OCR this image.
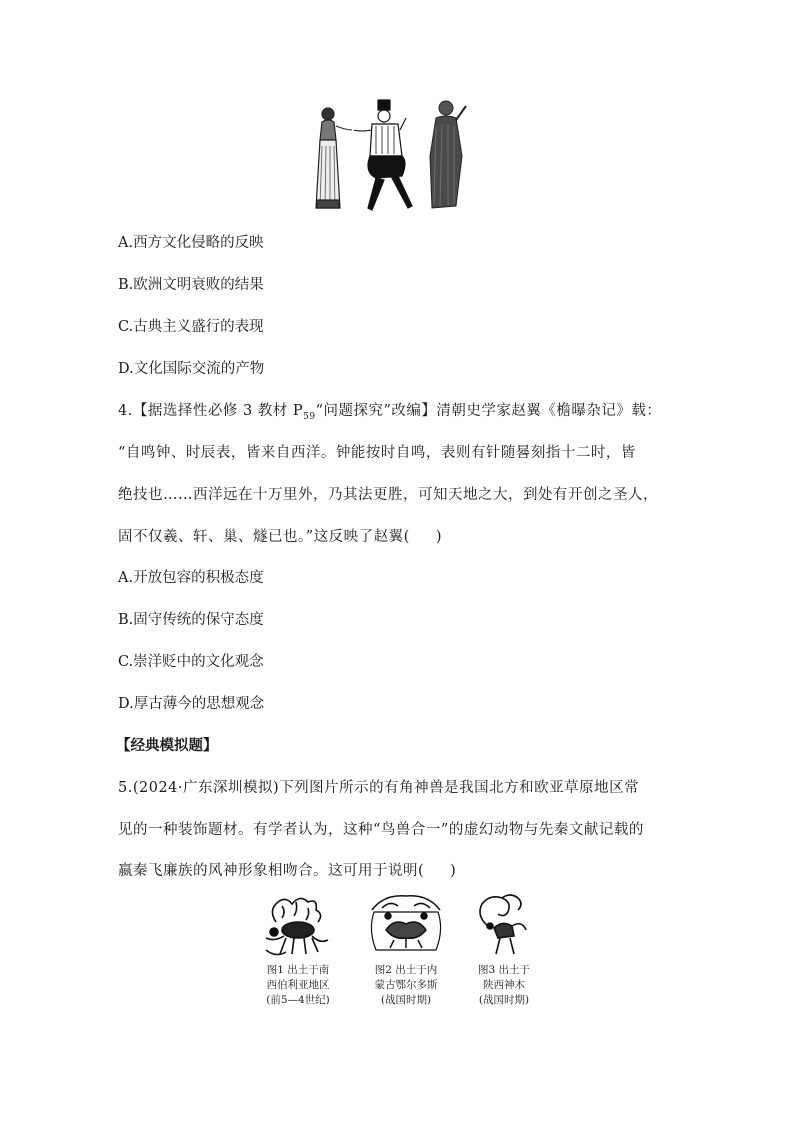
A.西方文化侵略的反映
B.欧洲文明衰败的结果
C.古典主义盛行的表现
D.文化国际交流的产物
4.【据选择性必修 3 教材 $P_{59}“$问题探究”改编】清朝史学家赵翼《檐曝杂记》载：
“自鸣钟、时辰表，皆来自西洋。钟能按时自鸣，表则有针随晷刻指十二时，皆
绝技也……西洋远在十万里外，乃其法更胜，可知天地之大，到处有开创之圣人，
固不仅羲、轩、巢、燧已也。”这反映了赵翼( )
A.开放包容的积极态度
B.固守传统的保守态度
C.崇洋贬中的文化观念
D.厚古薄今的思想观念
【经典模拟题】
5.(2024·广东深圳模拟)下列图片所示的有角神兽是我国北方和欧亚草原地区常
见的一种装饰题材。有学者认为，这种“鸟兽合一”的虚幻动物与先秦文献记载的
嬴秦飞廉族的风神形象相吻合。这可用于说明( )
图1 出土于南
西伯利亚地区
(前5—4世纪)
图2 出土于内
蒙古鄂尔多斯
(战国时期)
图3 出土于
陕西神木
(战国时期)
